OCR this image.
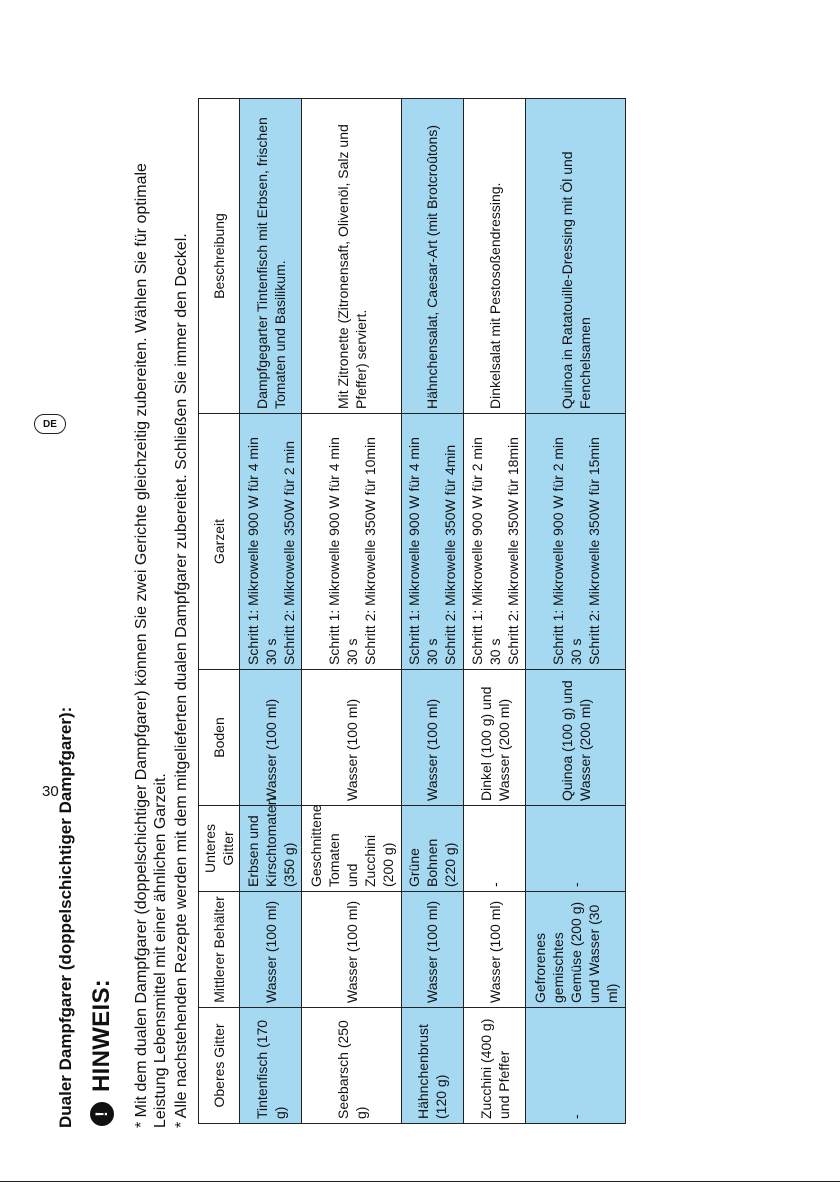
Dualer Dampfgarer (doppelschichtiger Dampfgarer): !
HINWEIS: * Mit dem dualen Dampfgarer (doppelschichtiger Dampfgarer) können Sie zwei Gerichte gleichzeitig zubereiten. Wählen Sie für optimale Leistung Lebensmittel mit einer ähnlichen Garzeit. * Alle nachstehenden Rezepte werden mit dem mitgelieferten dualen Dampfgarer zubereitet. Schließen Sie immer den Deckel. Oberes Gitter	Mittlerer Behälter	Unteres Gitter	Boden	Garzeit	Beschreibung
Tintenfisch (170 g)	Wasser (100 ml)	Erbsen und Kirschtomaten (350 g)	Wasser (100 ml)	Schritt 1: Mikrowelle 900 W für 4 min 30 s Schritt 2: Mikrowelle 350W für 2 min	Dampfgegarter Tintenfisch mit Erbsen, frischen Tomaten und Basilikum.
Seebarsch (250 g)	Wasser (100 ml)	Geschnittene Tomaten und Zucchini (200 g)	Wasser (100 ml)	Schritt 1: Mikrowelle 900 W für 4 min 30 s Schritt 2: Mikrowelle 350W für 10min	Mit Zitronette (Zitronensaft, Olivenöl, Salz und Pfeffer) serviert.
Hähnchenbrust (120 g)	Wasser (100 ml)	Grüne Bohnen (220 g)	Wasser (100 ml)	Schritt 1: Mikrowelle 900 W für 4 min 30 s Schritt 2: Mikrowelle 350W für 4min	Hähnchensalat, Caesar-Art (mit Brotcroûtons)
Zucchini (400 g) und Pfeffer	Wasser (100 ml)	-	Dinkel (100 g) und Wasser (200 ml)	Schritt 1: Mikrowelle 900 W für 2 min 30 s Schritt 2: Mikrowelle 350W für 18min	Dinkelsalat mit Pestosoßendressing.
-	Gefrorenes gemischtes Gemüse (200 g) und Wasser (30 ml)	-	Quinoa (100 g) und Wasser (200 ml)	Schritt 1: Mikrowelle 900 W für 2 min 30 s Schritt 2: Mikrowelle 350W für 15min	Quinoa in Ratatouille-Dressing mit Öl und Fenchelsamen
30
DE
